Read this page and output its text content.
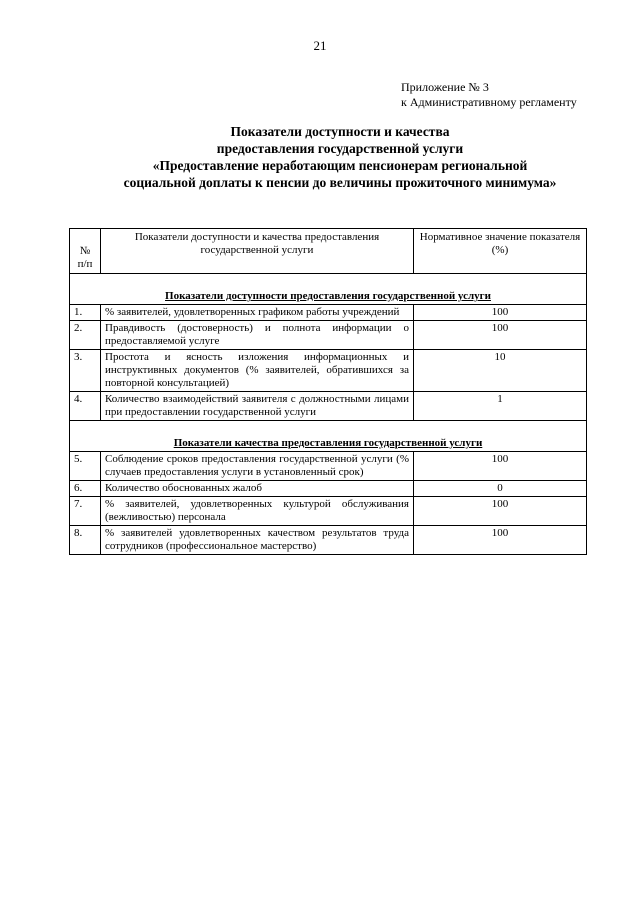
21
Приложение № 3
к Административному регламенту
Показатели доступности и качества
предоставления государственной услуги
«Предоставление неработающим пенсионерам региональной
социальной доплаты к пенсии до величины прожиточного минимума»
№ п/п	Показатели доступности и качества предоставления государственной услуги	Нормативное значение показателя (%)
Показатели доступности предоставления государственной услуги		
1.	% заявителей, удовлетворенных графиком работы учреждений	100
2.	Правдивость (достоверность) и полнота информации о предоставляемой услуге	100
3.	Простота и ясность изложения информационных и инструктивных документов (% заявителей, обратившихся за повторной консультацией)	10
4.	Количество взаимодействий заявителя с должностными лицами при предоставлении государственной услуги	1
Показатели качества предоставления государственной услуги		
5.	Соблюдение сроков предоставления государственной услуги (% случаев предоставления услуги в установленный срок)	100
6.	Количество обоснованных жалоб	0
7.	% заявителей, удовлетворенных культурой обслуживания (вежливостью) персонала	100
8.	% заявителей удовлетворенных качеством результатов труда сотрудников (профессиональное мастерство)	100
